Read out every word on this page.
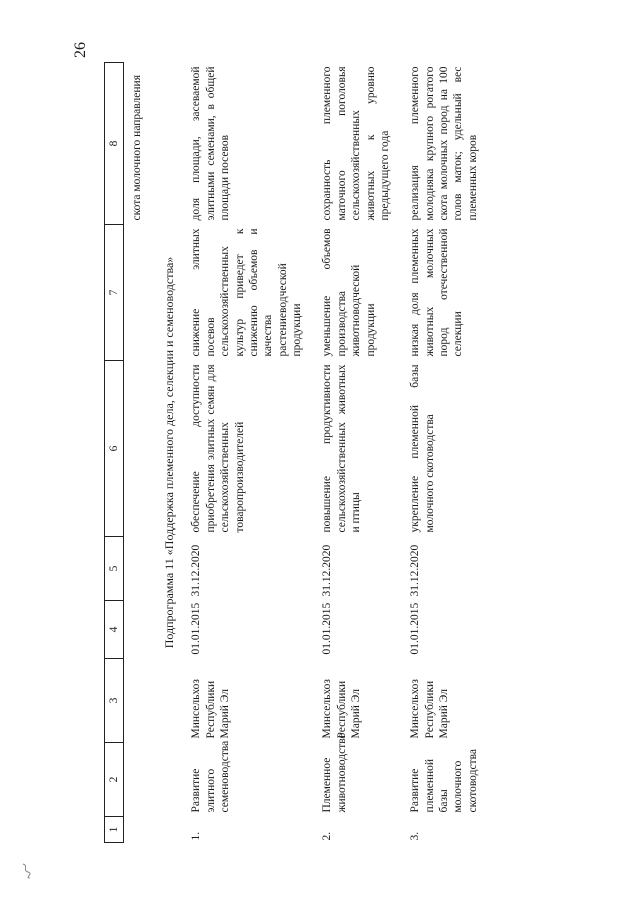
26
1	2	3	4	5	6	7	8
							скота молочного направления
Подпрограмма 11 «Поддержка племенного дела, селекции и семеноводства»							
1.	Развитие элитного семеноводства	Минсельхоз Республики Марий Эл	01.01.2015	31.12.2020	обеспечение доступности приобретения элитных семян для сельскохозяйственных товаропроизводителей	снижение элитных посевов сельскохозяйственных культур приведет к снижению объемов и качества растениеводческой продукции	доля площади, засеваемой элитными семенами, в общей площади посевов
2.	Племенное животноводство	Минсельхоз Республики Марий Эл	01.01.2015	31.12.2020	повышение продуктивности сельскохозяйственных животных и птицы	уменьшение объемов производства животноводческой продукции	сохранность племенного маточного поголовья сельскохозяйственных животных к уровню предыдущего года
3.	Развитие племенной базы молочного скотоводства	Минсельхоз Республики Марий Эл	01.01.2015	31.12.2020	укрепление племенной базы молочного скотоводства	низкая доля племенных животных молочных пород отечественной селекции	реализация племенного молодняка крупного рогатого скота молочных пород на 100 голов маток; удельный вес племенных коров
